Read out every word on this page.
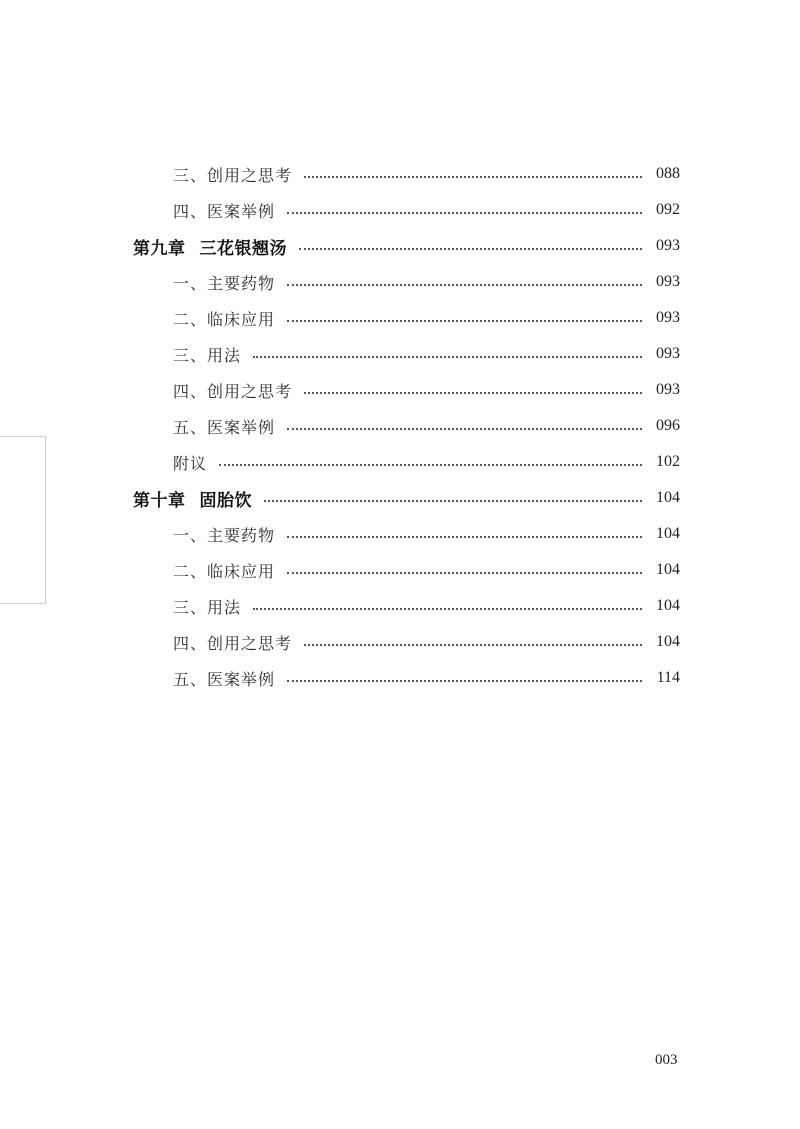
三、创用之思考	088
四、医案举例	092
第九章 三花银翘汤	093
一、主要药物	093
二、临床应用	093
三、用法	093
四、创用之思考	093
五、医案举例	096
附议	102
第十章 固胎饮	104
一、主要药物	104
二、临床应用	104
三、用法	104
四、创用之思考	104
五、医案举例	114
003
